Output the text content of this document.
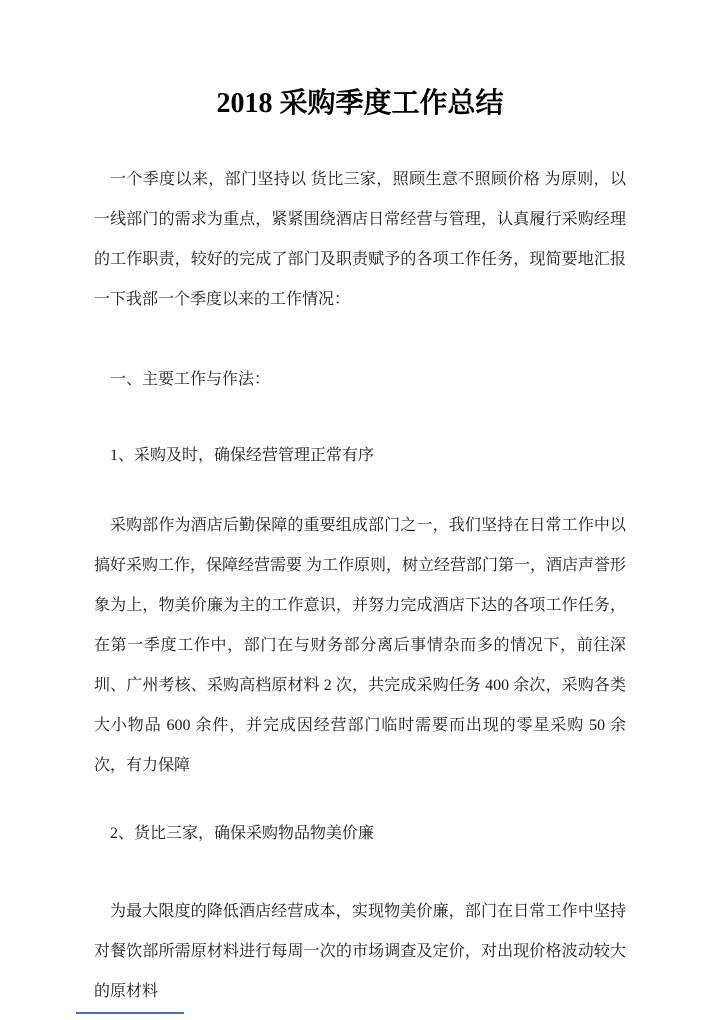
2018 采购季度工作总结

一个季度以来，部门坚持以 货比三家，照顾生意不照顾价格 为原则，以一线部门的需求为重点，紧紧围绕酒店日常经营与管理，认真履行采购经理的工作职责，较好的完成了部门及职责赋予的各项工作任务，现简要地汇报一下我部一个季度以来的工作情况：

一、主要工作与作法：

1、采购及时，确保经营管理正常有序

采购部作为酒店后勤保障的重要组成部门之一，我们坚持在日常工作中以 搞好采购工作，保障经营需要 为工作原则，树立经营部门第一，酒店声誉形象为上，物美价廉为主的工作意识，并努力完成酒店下达的各项工作任务，在第一季度工作中，部门在与财务部分离后事情杂而多的情况下，前往深圳、广州考核、采购高档原材料 2 次，共完成采购任务 400 余次，采购各类大小物品 600 余件，并完成因经营部门临时需要而出现的零星采购 50 余次，有力保障

2、货比三家，确保采购物品物美价廉

为最大限度的降低酒店经营成本，实现物美价廉，部门在日常工作中坚持对餐饮部所需原材料进行每周一次的市场调查及定价，对出现价格波动较大的原材料
